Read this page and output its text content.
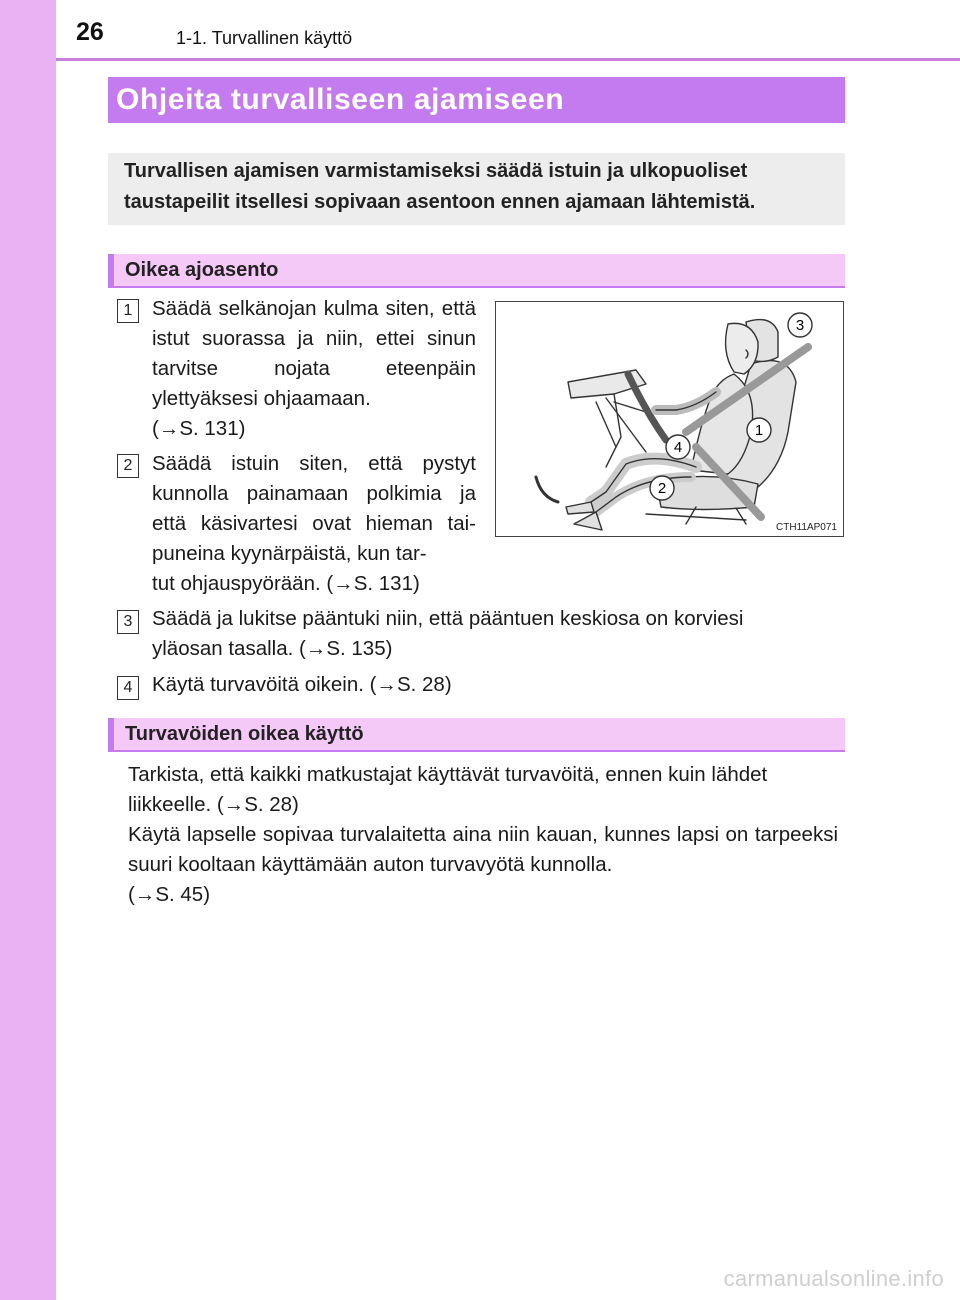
26	1-1. Turvallinen käyttö
Ohjeita turvalliseen ajamiseen
Turvallisen ajamisen varmistamiseksi säädä istuin ja ulkopuoliset taustapeilit itsellesi sopivaan asentoon ennen ajamaan lähtemistä.
Oikea ajoasento
1 Säädä selkänojan kulma siten, että istut suorassa ja niin, ettei sinun tarvitse nojata eteenpäin ylettyäksesi ohjaamaan.
(→S. 131)
2 Säädä istuin siten, että pystyt kunnolla painamaan polkimia ja että käsivartesi ovat hieman tai-puneina kyynärpäistä, kun tar-
tut ohjauspyörään. (→S. 131)
3
1
4
2
CTH11AP071
3 Säädä ja lukitse pääntuki niin, että pääntuen keskiosa on korviesi
yläosan tasalla. (→S. 135)
4 Käytä turvavöitä oikein. (→S. 28)
Turvavöiden oikea käyttö
Tarkista, että kaikki matkustajat käyttävät turvavöitä, ennen kuin lähdet
liikkeelle. (→S. 28)
Käytä lapselle sopivaa turvalaitetta aina niin kauan, kunnes lapsi on tarpeeksi suuri kooltaan käyttämään auton turvavyötä kunnolla.
(→S. 45)
carmanualsonline.info
